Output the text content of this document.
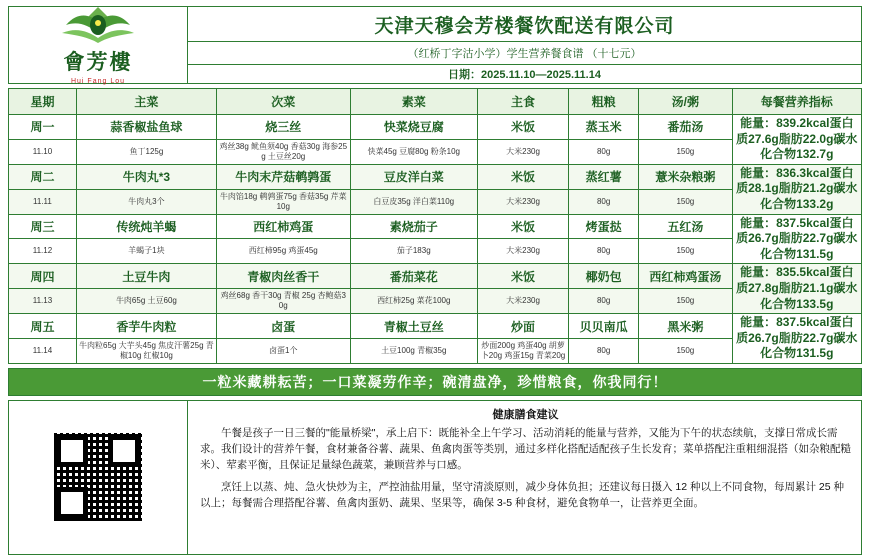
會芳樓
Hui Fang Lou
天津天穆会芳楼餐饮配送有限公司
（红桥丁字沽小学）学生营养餐食谱 （十七元）
日期：2025.11.10—2025.11.14
星期	主菜	次菜	素菜	主食	粗粮	汤/粥	每餐营养指标
周一	蒜香椒盐鱼球	烧三丝	快菜烧豆腐	米饭	蒸玉米	番茄汤	能量：839.2kcal蛋白质27.6g脂肪22.0g碳水化合物132.7g
11.10	鱼丁125g	鸡丝38g 鱿鱼须40g 香菇30g 海参25g 土豆丝20g	快菜45g 豆腐80g 粉条10g	大米230g	80g	150g	
周二	牛肉丸*3	牛肉末芹菇鹌鹑蛋	豆皮洋白菜	米饭	蒸红薯	薏米杂粮粥	能量：836.3kcal蛋白质28.1g脂肪21.2g碳水化合物133.2g
11.11	牛肉丸3个	牛肉馅18g 鹌鹑蛋75g 香菇35g 芹菜10g	白豆皮35g 洋白菜110g	大米230g	80g	150g	
周三	传统炖羊蝎	西红柿鸡蛋	素烧茄子	米饭	烤蛋挞	五红汤	能量：837.5kcal蛋白质26.7g脂肪22.7g碳水化合物131.5g
11.12	羊蝎子1块	西红柿95g 鸡蛋45g	茄子183g	大米230g	80g	150g	
周四	土豆牛肉	青椒肉丝香干	番茄菜花	米饭	椰奶包	西红柿鸡蛋汤	能量：835.5kcal蛋白质27.8g脂肪21.1g碳水化合物133.5g
11.13	牛肉65g 土豆60g	鸡丝68g 香干30g 青椒 25g 杏鲍菇30g	西红柿25g 菜花100g	大米230g	80g	150g	
周五	香芋牛肉粒	卤蛋	青椒土豆丝	炒面	贝贝南瓜	黑米粥	能量：837.5kcal蛋白质26.7g脂肪22.7g碳水化合物131.5g
11.14	牛肉粒65g 大芋头45g 焦皮汗薯25g 青椒10g 红椒10g	卤蛋1个	土豆100g 青椒35g	炒面200g 鸡蛋40g 胡萝卜20g 鸡蛋15g 青菜20g	80g	150g	
一粒米藏耕耘苦；一口菜凝劳作辛；碗清盘净，珍惜粮食，你我同行！
健康膳食建议

午餐是孩子一日三餐的"能量桥梁"，承上启下：既能补全上午学习、活动消耗的能量与营养，又能为下午的状态续航，支撑日常成长需求。我们设计的营养午餐，食材兼备谷薯、蔬果、鱼禽肉蛋等类别，通过多样化搭配适配孩子生长发育；菜单搭配注重粗细混搭（如杂粮配糙米）、荤素平衡，且保证足量绿色蔬菜，兼顾营养与口感。

烹饪上以蒸、炖、急火快炒为主，严控油盐用量，坚守清淡原则，减少身体负担；还建议每日摄入 12 种以上不同食物，每周累计 25 种以上；每餐需合理搭配谷薯、鱼禽肉蛋奶、蔬果、坚果等，确保 3-5 种食材，避免食物单一，让营养更全面。
